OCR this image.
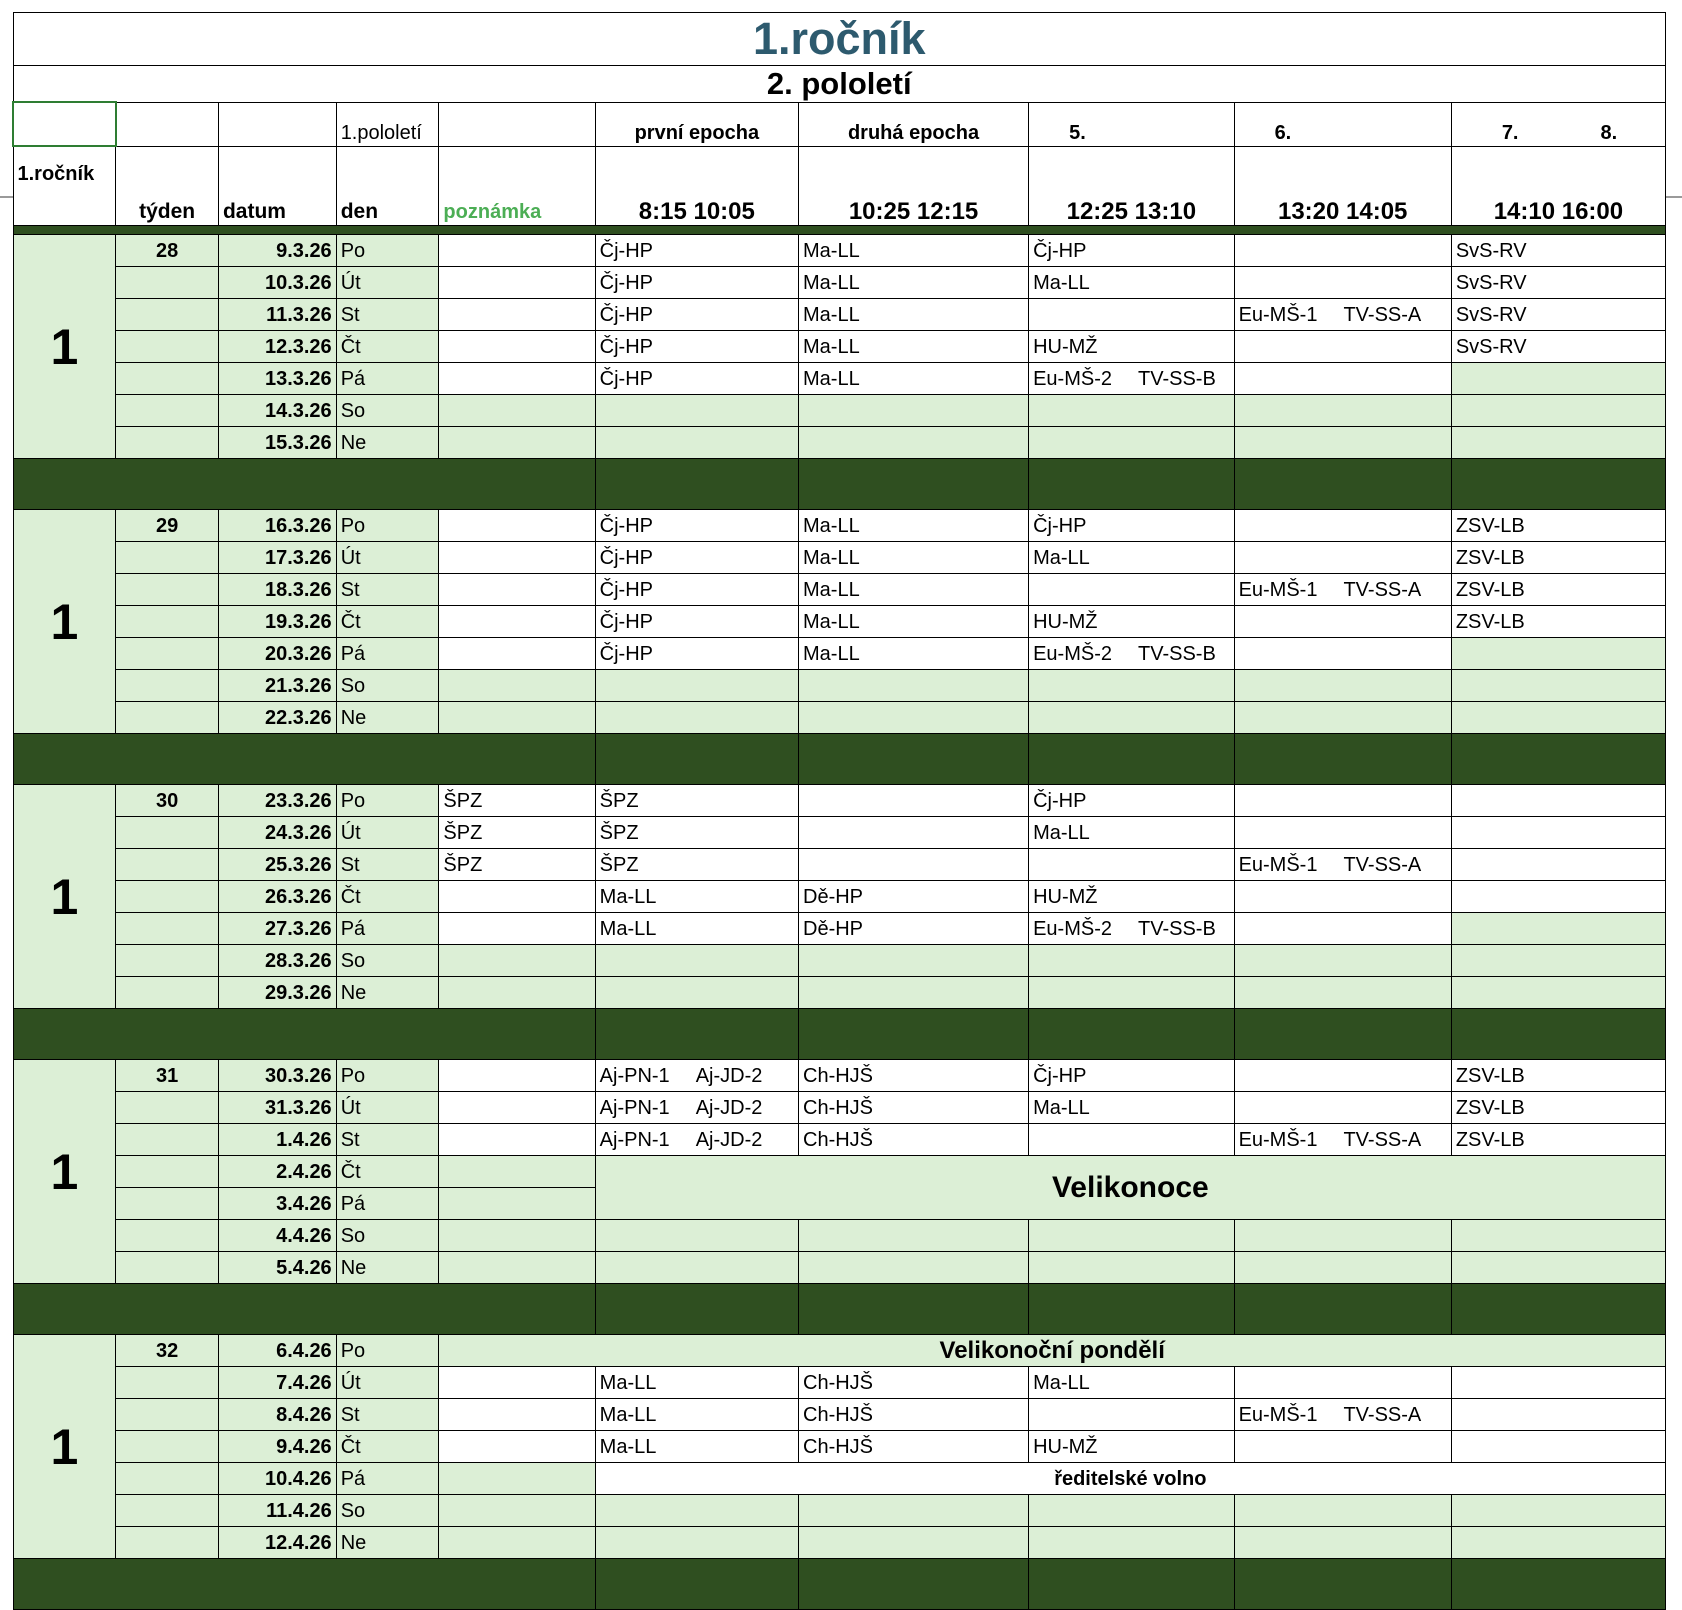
1.ročník									
2. pololetí									
			1.pololetí		první epocha	druhá epocha	5.	6.	7. 8.
1.ročník	týden	datum	den	poznámka	8:15 10:05	10:25 12:15	12:25 13:10	13:20 14:05	14:10 16:00

1	28	9.3.26	Po		Čj-HP	Ma-LL	Čj-HP		SvS-RV
		10.3.26	Út		Čj-HP	Ma-LL	Ma-LL		SvS-RV
		11.3.26	St		Čj-HP	Ma-LL		Eu-MŠ-1 TV-SS-A	SvS-RV
		12.3.26	Čt		Čj-HP	Ma-LL	HU-MŽ		SvS-RV
		13.3.26	Pá		Čj-HP	Ma-LL	Eu-MŠ-2 TV-SS-B		
		14.3.26	So						
		15.3.26	Ne						

1	29	16.3.26	Po		Čj-HP	Ma-LL	Čj-HP		ZSV-LB
		17.3.26	Út		Čj-HP	Ma-LL	Ma-LL		ZSV-LB
		18.3.26	St		Čj-HP	Ma-LL		Eu-MŠ-1 TV-SS-A	ZSV-LB
		19.3.26	Čt		Čj-HP	Ma-LL	HU-MŽ		ZSV-LB
		20.3.26	Pá		Čj-HP	Ma-LL	Eu-MŠ-2 TV-SS-B		
		21.3.26	So						
		22.3.26	Ne						

1	30	23.3.26	Po	ŠPZ	ŠPZ		Čj-HP		
		24.3.26	Út	ŠPZ	ŠPZ		Ma-LL		
		25.3.26	St	ŠPZ	ŠPZ			Eu-MŠ-1 TV-SS-A	
		26.3.26	Čt		Ma-LL	Dě-HP	HU-MŽ		
		27.3.26	Pá		Ma-LL	Dě-HP	Eu-MŠ-2 TV-SS-B		
		28.3.26	So						
		29.3.26	Ne						

1	31	30.3.26	Po		Aj-PN-1 Aj-JD-2	Ch-HJŠ	Čj-HP		ZSV-LB
		31.3.26	Út		Aj-PN-1 Aj-JD-2	Ch-HJŠ	Ma-LL		ZSV-LB
		1.4.26	St		Aj-PN-1 Aj-JD-2	Ch-HJŠ		Eu-MŠ-1 TV-SS-A	ZSV-LB
		2.4.26	Čt		Velikonoce				
		3.4.26	Pá						
		4.4.26	So						
		5.4.26	Ne						

1	32	6.4.26	Po	Velikonoční pondělí					
		7.4.26	Út		Ma-LL	Ch-HJŠ	Ma-LL		
		8.4.26	St		Ma-LL	Ch-HJŠ		Eu-MŠ-1 TV-SS-A	
		9.4.26	Čt		Ma-LL	Ch-HJŠ	HU-MŽ		
		10.4.26	Pá		ředitelské volno				
		11.4.26	So						
		12.4.26	Ne						
